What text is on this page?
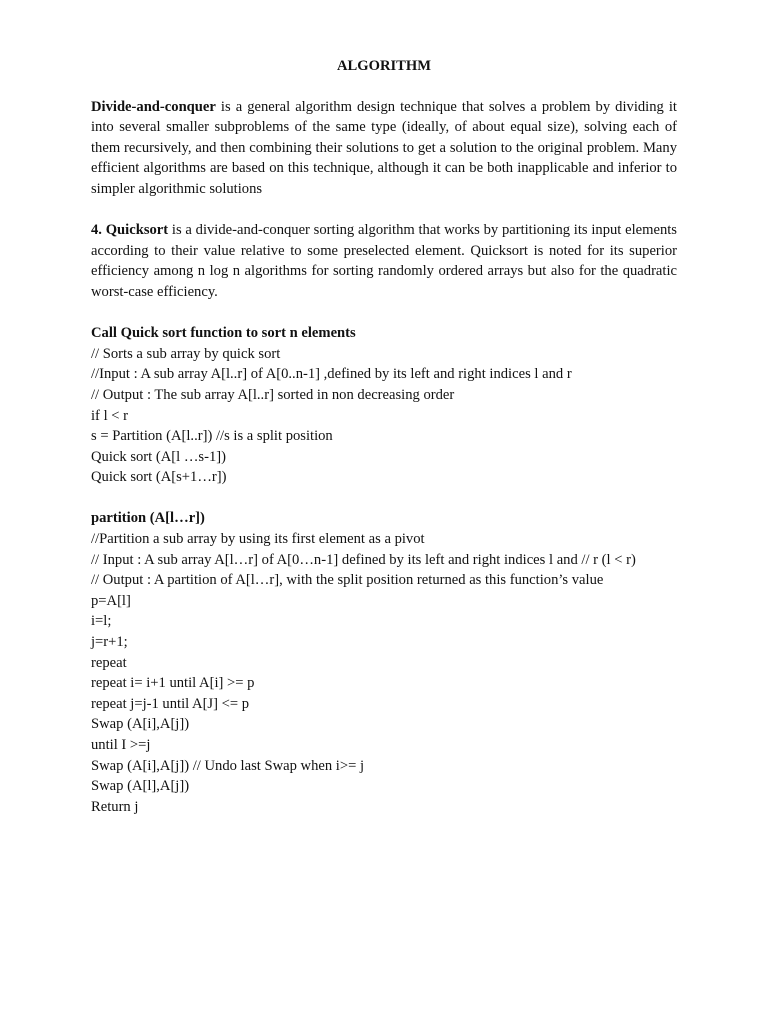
ALGORITHM

Divide-and-conquer is a general algorithm design technique that solves a problem by dividing it into several smaller subproblems of the same type (ideally, of about equal size), solving each of them recursively, and then combining their solutions to get a solution to the original problem. Many efficient algorithms are based on this technique, although it can be both inapplicable and inferior to simpler algorithmic solutions

4. Quicksort is a divide-and-conquer sorting algorithm that works by partitioning its input elements according to their value relative to some preselected element. Quicksort is noted for its superior efficiency among n log n algorithms for sorting randomly ordered arrays but also for the quadratic worst-case efficiency.

Call Quick sort function to sort n elements

// Sorts a sub array by quick sort

//Input : A sub array A[l..r] of A[0..n-1] ,defined by its left and right indices l and r

// Output : The sub array A[l..r] sorted in non decreasing order

if l < r

s = Partition (A[l..r]) //s is a split position

Quick sort (A[l …s-1])

Quick sort (A[s+1…r])

partition (A[l…r])

//Partition a sub array by using its first element as a pivot

// Input : A sub array A[l…r] of A[0…n-1] defined by its left and right indices l and // r (l < r)

// Output : A partition of A[l…r], with the split position returned as this function’s value

p=A[l]

i=l;

j=r+1;

repeat

repeat i= i+1 until A[i] >= p

repeat j=j-1 until A[J] <= p

Swap (A[i],A[j])

until I >=j

Swap (A[i],A[j]) // Undo last Swap when i>= j

Swap (A[l],A[j])

Return j
